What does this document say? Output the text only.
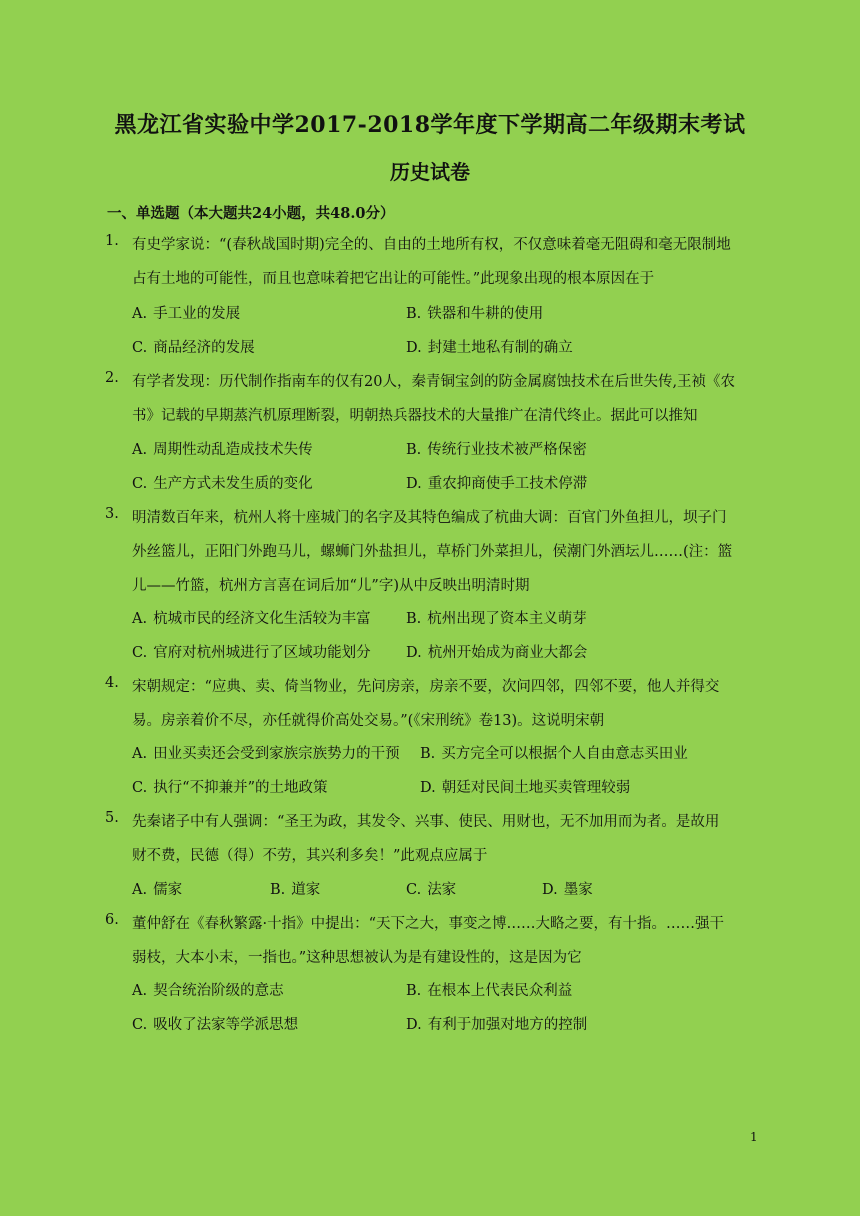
黑龙江省实验中学2017-2018学年度下学期高二年级期末考试
历史试卷
一、单选题（本大题共24小题，共48.0分）
1. 有史学家说：“(春秋战国时期)完全的、自由的土地所有权，不仅意味着毫无阻碍和毫无限制地
占有土地的可能性，而且也意味着把它出让的可能性。”此现象出现的根本原因在于
A. 手工业的发展	B. 铁器和牛耕的使用
C. 商品经济的发展	D. 封建土地私有制的确立
2. 有学者发现：历代制作指南车的仅有20人，秦青铜宝剑的防金属腐蚀技术在后世失传,王祯《农
书》记载的早期蒸汽机原理断裂，明朝热兵器技术的大量推广在清代终止。据此可以推知
A. 周期性动乱造成技术失传	B. 传统行业技术被严格保密
C. 生产方式未发生质的变化	D. 重农抑商使手工技术停滞
3. 明清数百年来，杭州人将十座城门的名字及其特色编成了杭曲大调：百官门外鱼担儿，坝子门
外丝篮儿，正阳门外跑马儿，螺蛳门外盐担儿，草桥门外菜担儿，侯潮门外酒坛儿……(注：篮
儿——竹篮，杭州方言喜在词后加“儿”字)从中反映出明清时期
A. 杭城市民的经济文化生活较为丰富 B. 杭州出现了资本主义萌芽
C. 官府对杭州城进行了区域功能划分 D. 杭州开始成为商业大都会
4. 宋朝规定：“应典、卖、倚当物业，先问房亲，房亲不要，次问四邻，四邻不要，他人并得交
易。房亲着价不尽，亦任就得价高处交易。”(《宋刑统》卷13)。这说明宋朝
A. 田业买卖还会受到家族宗族势力的干预 B. 买方完全可以根据个人自由意志买田业
C. 执行“不抑兼并”的土地政策	D. 朝廷对民间土地买卖管理较弱
5. 先秦诸子中有人强调：“圣王为政，其发令、兴事、使民、用财也，无不加用而为者。是故用
财不费，民德（得）不劳，其兴利多矣！”此观点应属于
A. 儒家	B. 道家	C. 法家	D. 墨家
6. 董仲舒在《春秋繁露·十指》中提出：“天下之大，事变之博……大略之要，有十指。……强干
弱枝，大本小末，一指也。”这种思想被认为是有建设性的，这是因为它
A. 契合统治阶级的意志	B. 在根本上代表民众利益
C. 吸收了法家等学派思想	D. 有利于加强对地方的控制
1
